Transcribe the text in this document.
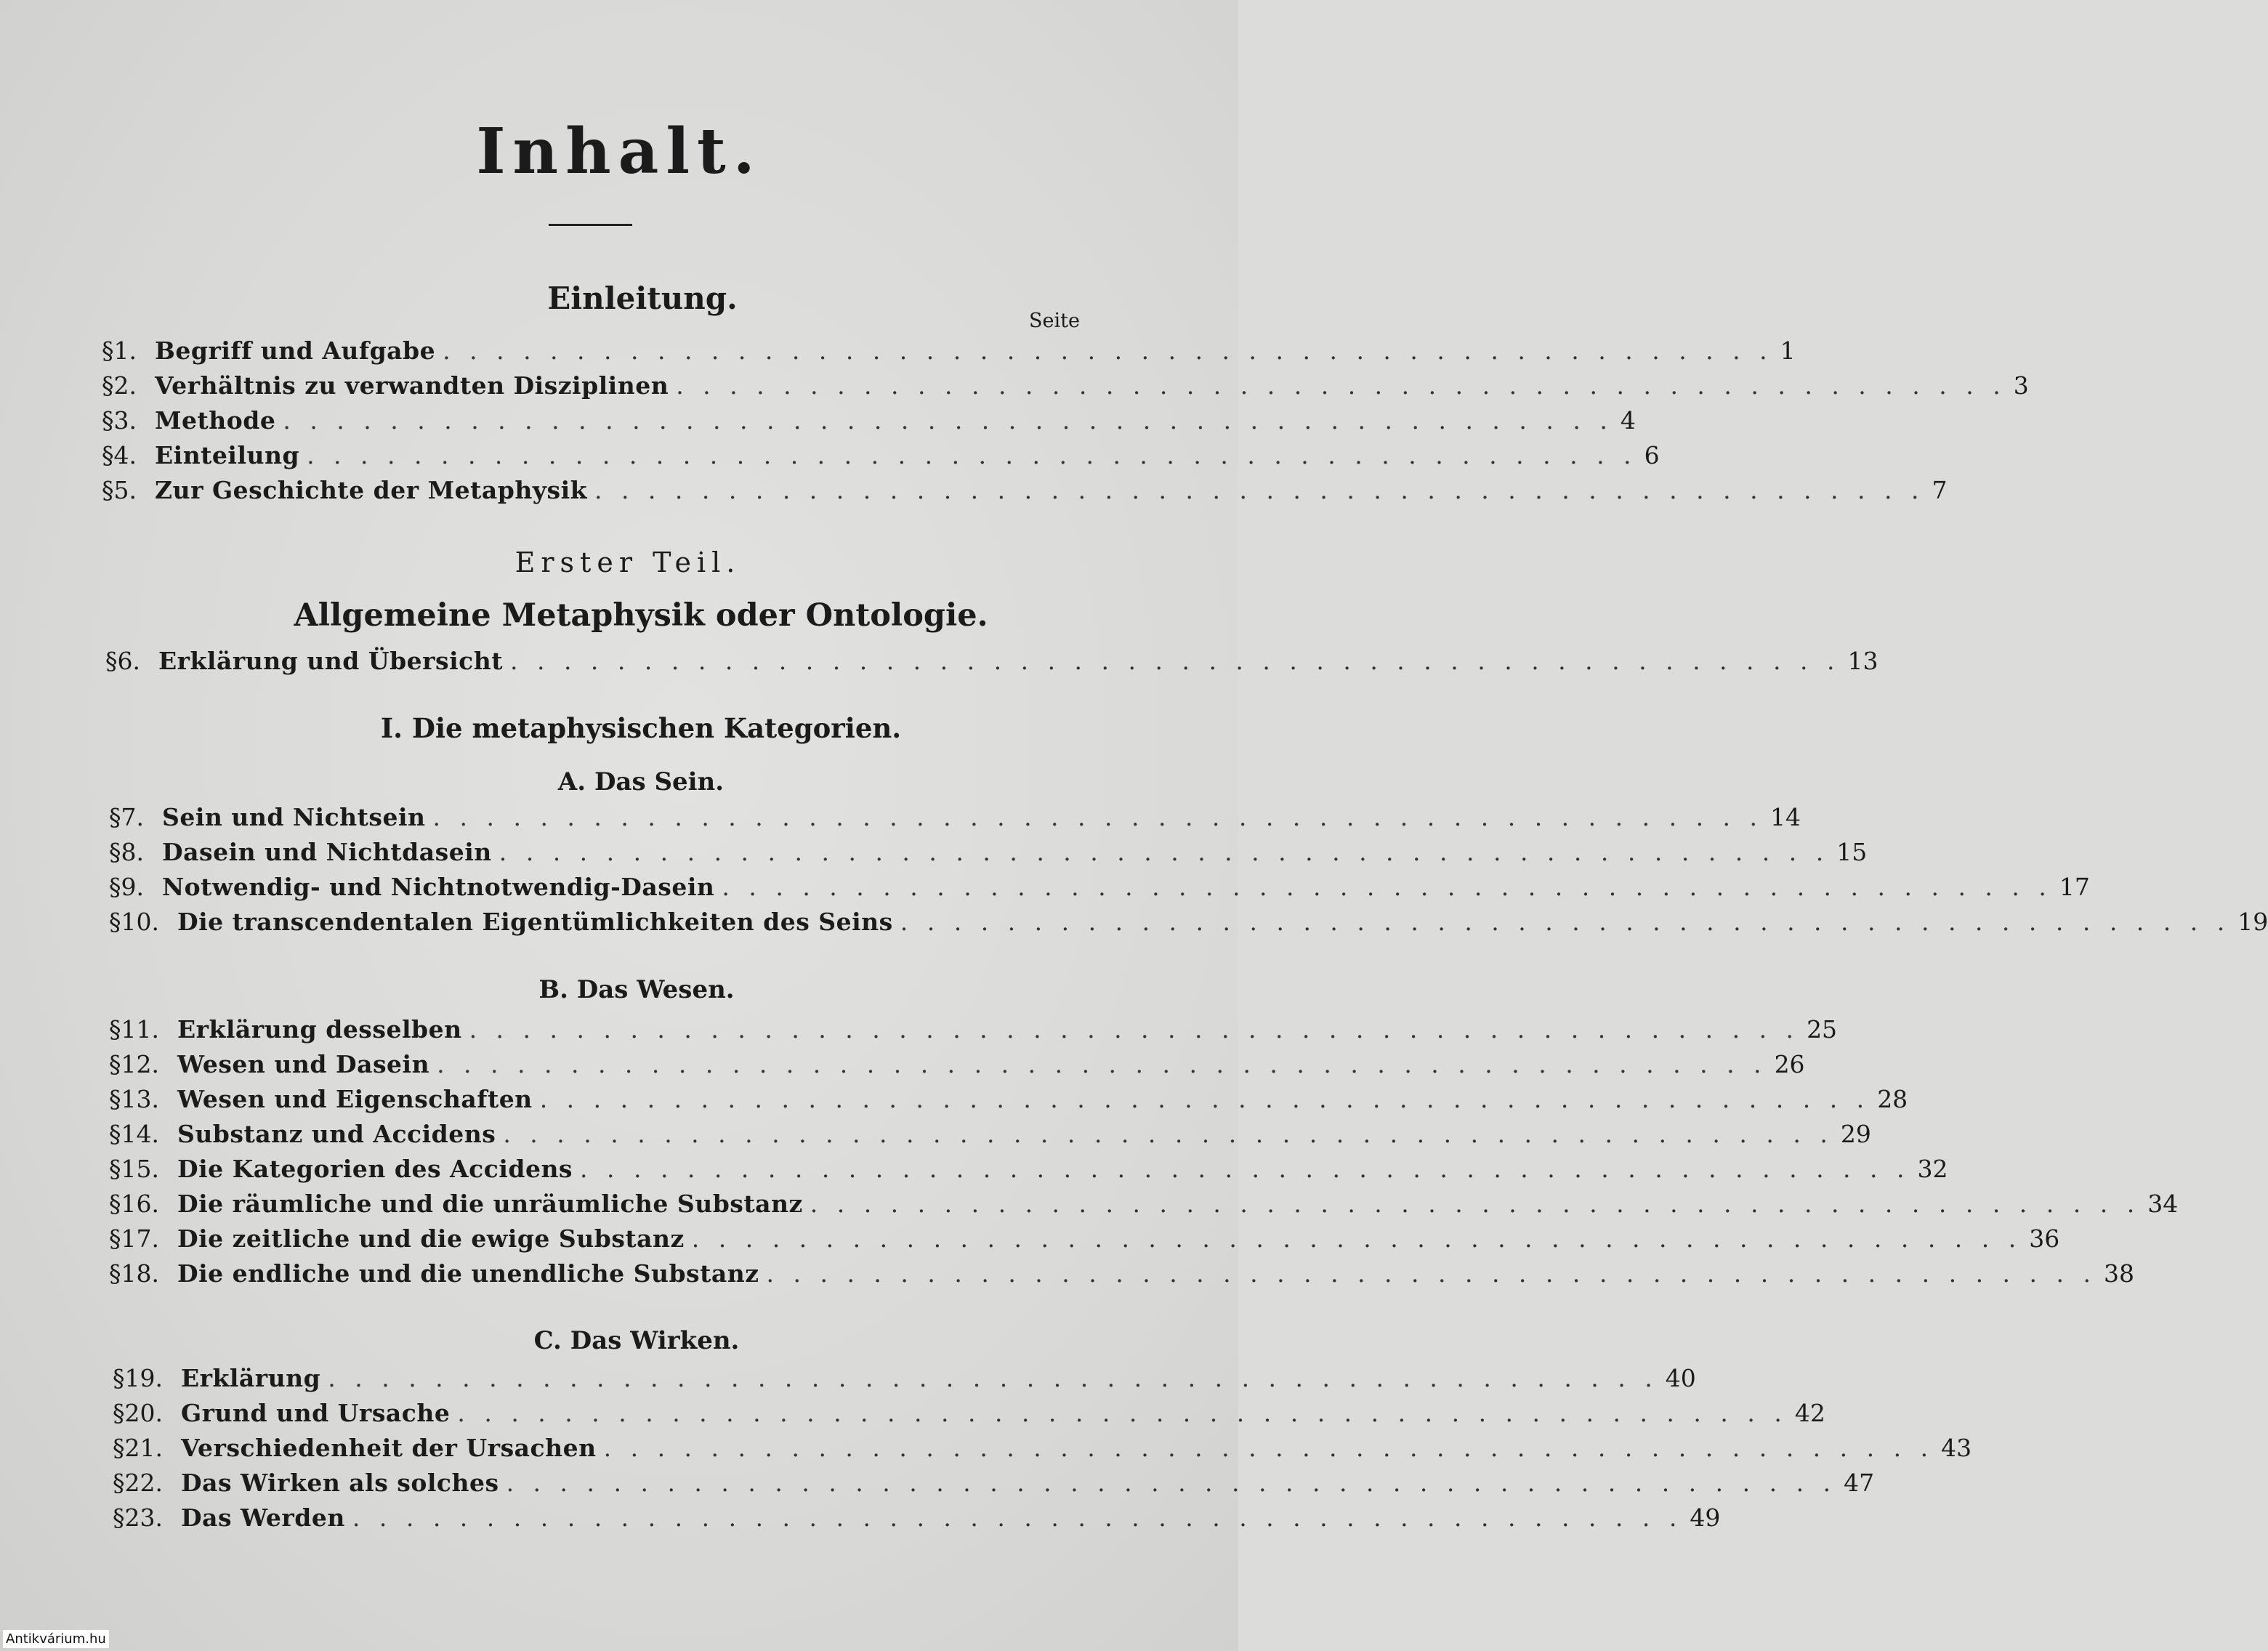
Inhalt.
Einleitung.
Seite
Erster Teil.
Allgemeine Metaphysik oder Ontologie.
I. Die metaphysischen Kategorien.
A. Das Sein.
B. Das Wesen.
C. Das Wirken.
§ 1. Begriff und Aufgabe . . . . . . . . . . . . . . . . . . . . . . . . . . . . . . . . . . . . . . . . . . . . . . . . . . 1
§ 2. Verhältnis zu verwandten Disziplinen . . . . . . . . . . . . . . . . . . . . . . . . . . . . . . . . . . . . . . . . . . . . . . . . . . 3
§ 3. Methode . . . . . . . . . . . . . . . . . . . . . . . . . . . . . . . . . . . . . . . . . . . . . . . . . . 4
§ 4. Einteilung . . . . . . . . . . . . . . . . . . . . . . . . . . . . . . . . . . . . . . . . . . . . . . . . . . 6
§ 5. Zur Geschichte der Metaphysik . . . . . . . . . . . . . . . . . . . . . . . . . . . . . . . . . . . . . . . . . . . . . . . . . . 7
§ 6. Erklärung und Übersicht . . . . . . . . . . . . . . . . . . . . . . . . . . . . . . . . . . . . . . . . . . . . . . . . . . 13
§ 7. Sein und Nichtsein . . . . . . . . . . . . . . . . . . . . . . . . . . . . . . . . . . . . . . . . . . . . . . . . . . 14
§ 8. Dasein und Nichtdasein . . . . . . . . . . . . . . . . . . . . . . . . . . . . . . . . . . . . . . . . . . . . . . . . . . 15
§ 9. Notwendig- und Nichtnotwendig-Dasein . . . . . . . . . . . . . . . . . . . . . . . . . . . . . . . . . . . . . . . . . . . . . . . . . . 17
§ 10. Die transcendentalen Eigentümlichkeiten des Seins . . . . . . . . . . . . . . . . . . . . . . . . . . . . . . . . . . . . . . . . . . . . . . . . . . 19
§ 11. Erklärung desselben . . . . . . . . . . . . . . . . . . . . . . . . . . . . . . . . . . . . . . . . . . . . . . . . . . 25
§ 12. Wesen und Dasein . . . . . . . . . . . . . . . . . . . . . . . . . . . . . . . . . . . . . . . . . . . . . . . . . . 26
§ 13. Wesen und Eigenschaften . . . . . . . . . . . . . . . . . . . . . . . . . . . . . . . . . . . . . . . . . . . . . . . . . . 28
§ 14. Substanz und Accidens . . . . . . . . . . . . . . . . . . . . . . . . . . . . . . . . . . . . . . . . . . . . . . . . . . 29
§ 15. Die Kategorien des Accidens . . . . . . . . . . . . . . . . . . . . . . . . . . . . . . . . . . . . . . . . . . . . . . . . . . 32
§ 16. Die räumliche und die unräumliche Substanz . . . . . . . . . . . . . . . . . . . . . . . . . . . . . . . . . . . . . . . . . . . . . . . . . . 34
§ 17. Die zeitliche und die ewige Substanz . . . . . . . . . . . . . . . . . . . . . . . . . . . . . . . . . . . . . . . . . . . . . . . . . . 36
§ 18. Die endliche und die unendliche Substanz . . . . . . . . . . . . . . . . . . . . . . . . . . . . . . . . . . . . . . . . . . . . . . . . . . 38
§ 19. Erklärung . . . . . . . . . . . . . . . . . . . . . . . . . . . . . . . . . . . . . . . . . . . . . . . . . . 40
§ 20. Grund und Ursache . . . . . . . . . . . . . . . . . . . . . . . . . . . . . . . . . . . . . . . . . . . . . . . . . . 42
§ 21. Verschiedenheit der Ursachen . . . . . . . . . . . . . . . . . . . . . . . . . . . . . . . . . . . . . . . . . . . . . . . . . . 43
§ 22. Das Wirken als solches . . . . . . . . . . . . . . . . . . . . . . . . . . . . . . . . . . . . . . . . . . . . . . . . . . 47
§ 23. Das Werden . . . . . . . . . . . . . . . . . . . . . . . . . . . . . . . . . . . . . . . . . . . . . . . . . . 49
Antikvárium.hu
